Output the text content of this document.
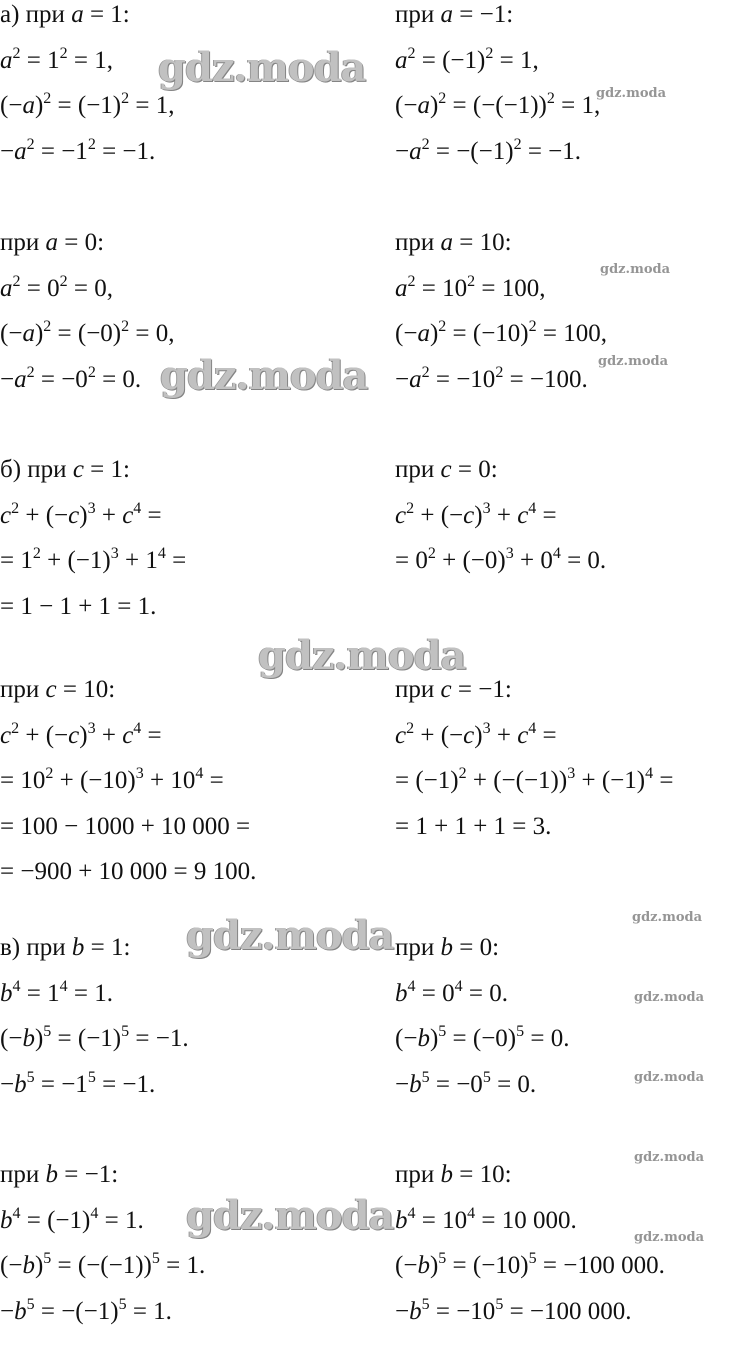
а) при a = 1:
$a^2 = 1^2 = 1$,
$(-a)^2 = (-1)^2 = 1$,
$-a^2 = -1^2 = -1$.
при a = −1:
$a^2 = (-1)^2 = 1$,
$(-a)^2 = (-(-1))^2 = 1$,
$-a^2 = -(-1)^2 = -1$.
при a = 0:
$a^2 = 0^2 = 0$,
$(-a)^2 = (-0)^2 = 0$,
$-a^2 = -0^2 = 0$.
при a = 10:
$a^2 = 10^2 = 100$,
$(-a)^2 = (-10)^2 = 100$,
$-a^2 = -10^2 = -100$.
б) при c = 1:
$c^2 + (-c)^3 + c^4$ =
= $1^2 + (-1)^3 + 1^4$ =
= 1 − 1 + 1 = 1.
при c = 0:
$c^2 + (-c)^3 + c^4$ =
= $0^2 + (-0)^3 + 0^4 = 0$.
при c = 10:
$c^2 + (-c)^3 + c^4$ =
= $10^2 + (-10)^3 + 10^4$ =
= 100 − 1000 + 10 000 =
= −900 + 10 000 = 9 100.
при c = −1:
$c^2 + (-c)^3 + c^4$ =
= $(-1)^2 + (-(-1))^3 + (-1)^4$ =
= 1 + 1 + 1 = 3.
в) при b = 1:
$b^4 = 1^4 = 1$.
$(-b)^5 = (-1)^5 = -1$.
$-b^5 = -1^5 = -1$.
при b = 0:
$b^4 = 0^4 = 0$.
$(-b)^5 = (-0)^5 = 0$.
$-b^5 = -0^5 = 0$.
при b = −1:
$b^4 = (-1)^4 = 1$.
$(-b)^5 = (-(-1))^5 = 1$.
$-b^5 = -(-1)^5 = 1$.
при b = 10:
$b^4 = 10^4 = 10$ 000.
$(-b)^5 = (-10)^5 = -100$ 000.
$-b^5 = -10^5 = -100$ 000.
gdz.moda
gdz.moda
gdz.moda
gdz.moda	gdz.moda
gdz.moda
gdz.moda
gdz.moda
gdz.moda
gdz.moda
gdz.moda
gdz.moda	gdz.moda
